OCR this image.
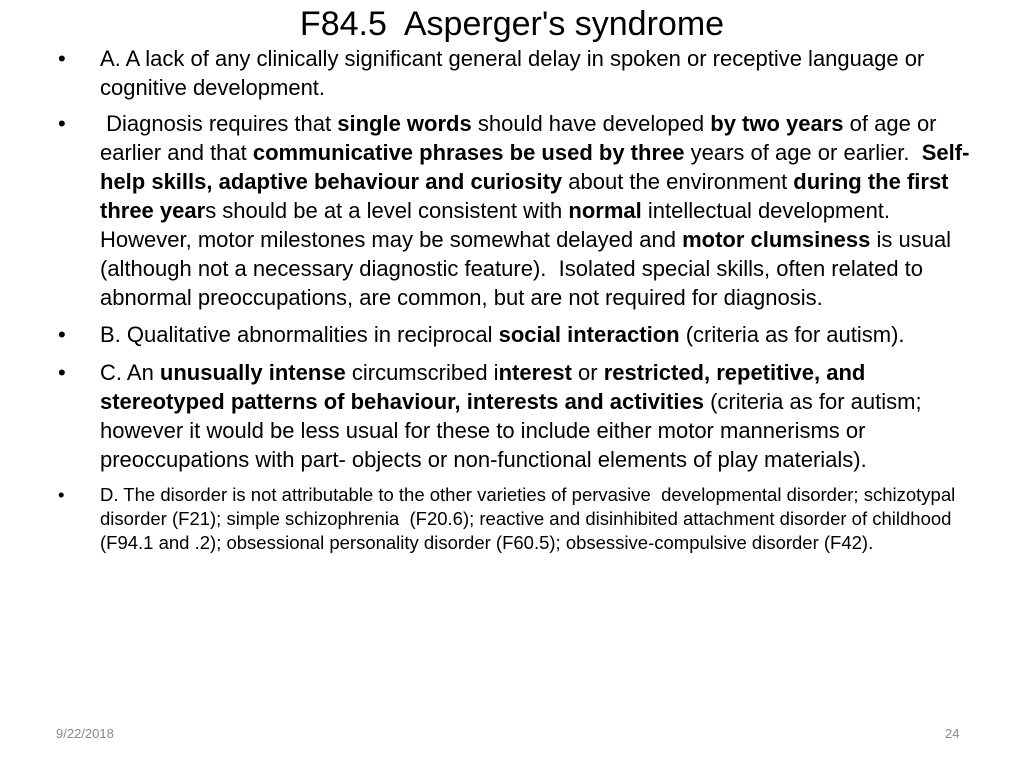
F84.5  Asperger's syndrome
• A. A lack of any clinically significant general delay in spoken or receptive language or cognitive development.
• Diagnosis requires that single words should have developed by two years of age or earlier and that communicative phrases be used by three years of age or earlier.  Self-help skills, adaptive behaviour and curiosity about the environment during the first three years should be at a level consistent with normal intellectual development.  However, motor milestones may be somewhat delayed and motor clumsiness is usual (although not a necessary diagnostic feature).  Isolated special skills, often related to abnormal preoccupations, are common, but are not required for diagnosis.
• B. Qualitative abnormalities in reciprocal social interaction (criteria as for autism).
• C. An unusually intense circumscribed interest or restricted, repetitive, and stereotyped patterns of behaviour, interests and activities (criteria as for autism; however it would be less usual for these to include either motor mannerisms or preoccupations with part- objects or non-functional elements of play materials).
• D. The disorder is not attributable to the other varieties of pervasive  developmental disorder; schizotypal disorder (F21); simple schizophrenia  (F20.6); reactive and disinhibited attachment disorder of childhood (F94.1 and .2); obsessional personality disorder (F60.5); obsessive-compulsive disorder (F42).
9/22/2018	24
